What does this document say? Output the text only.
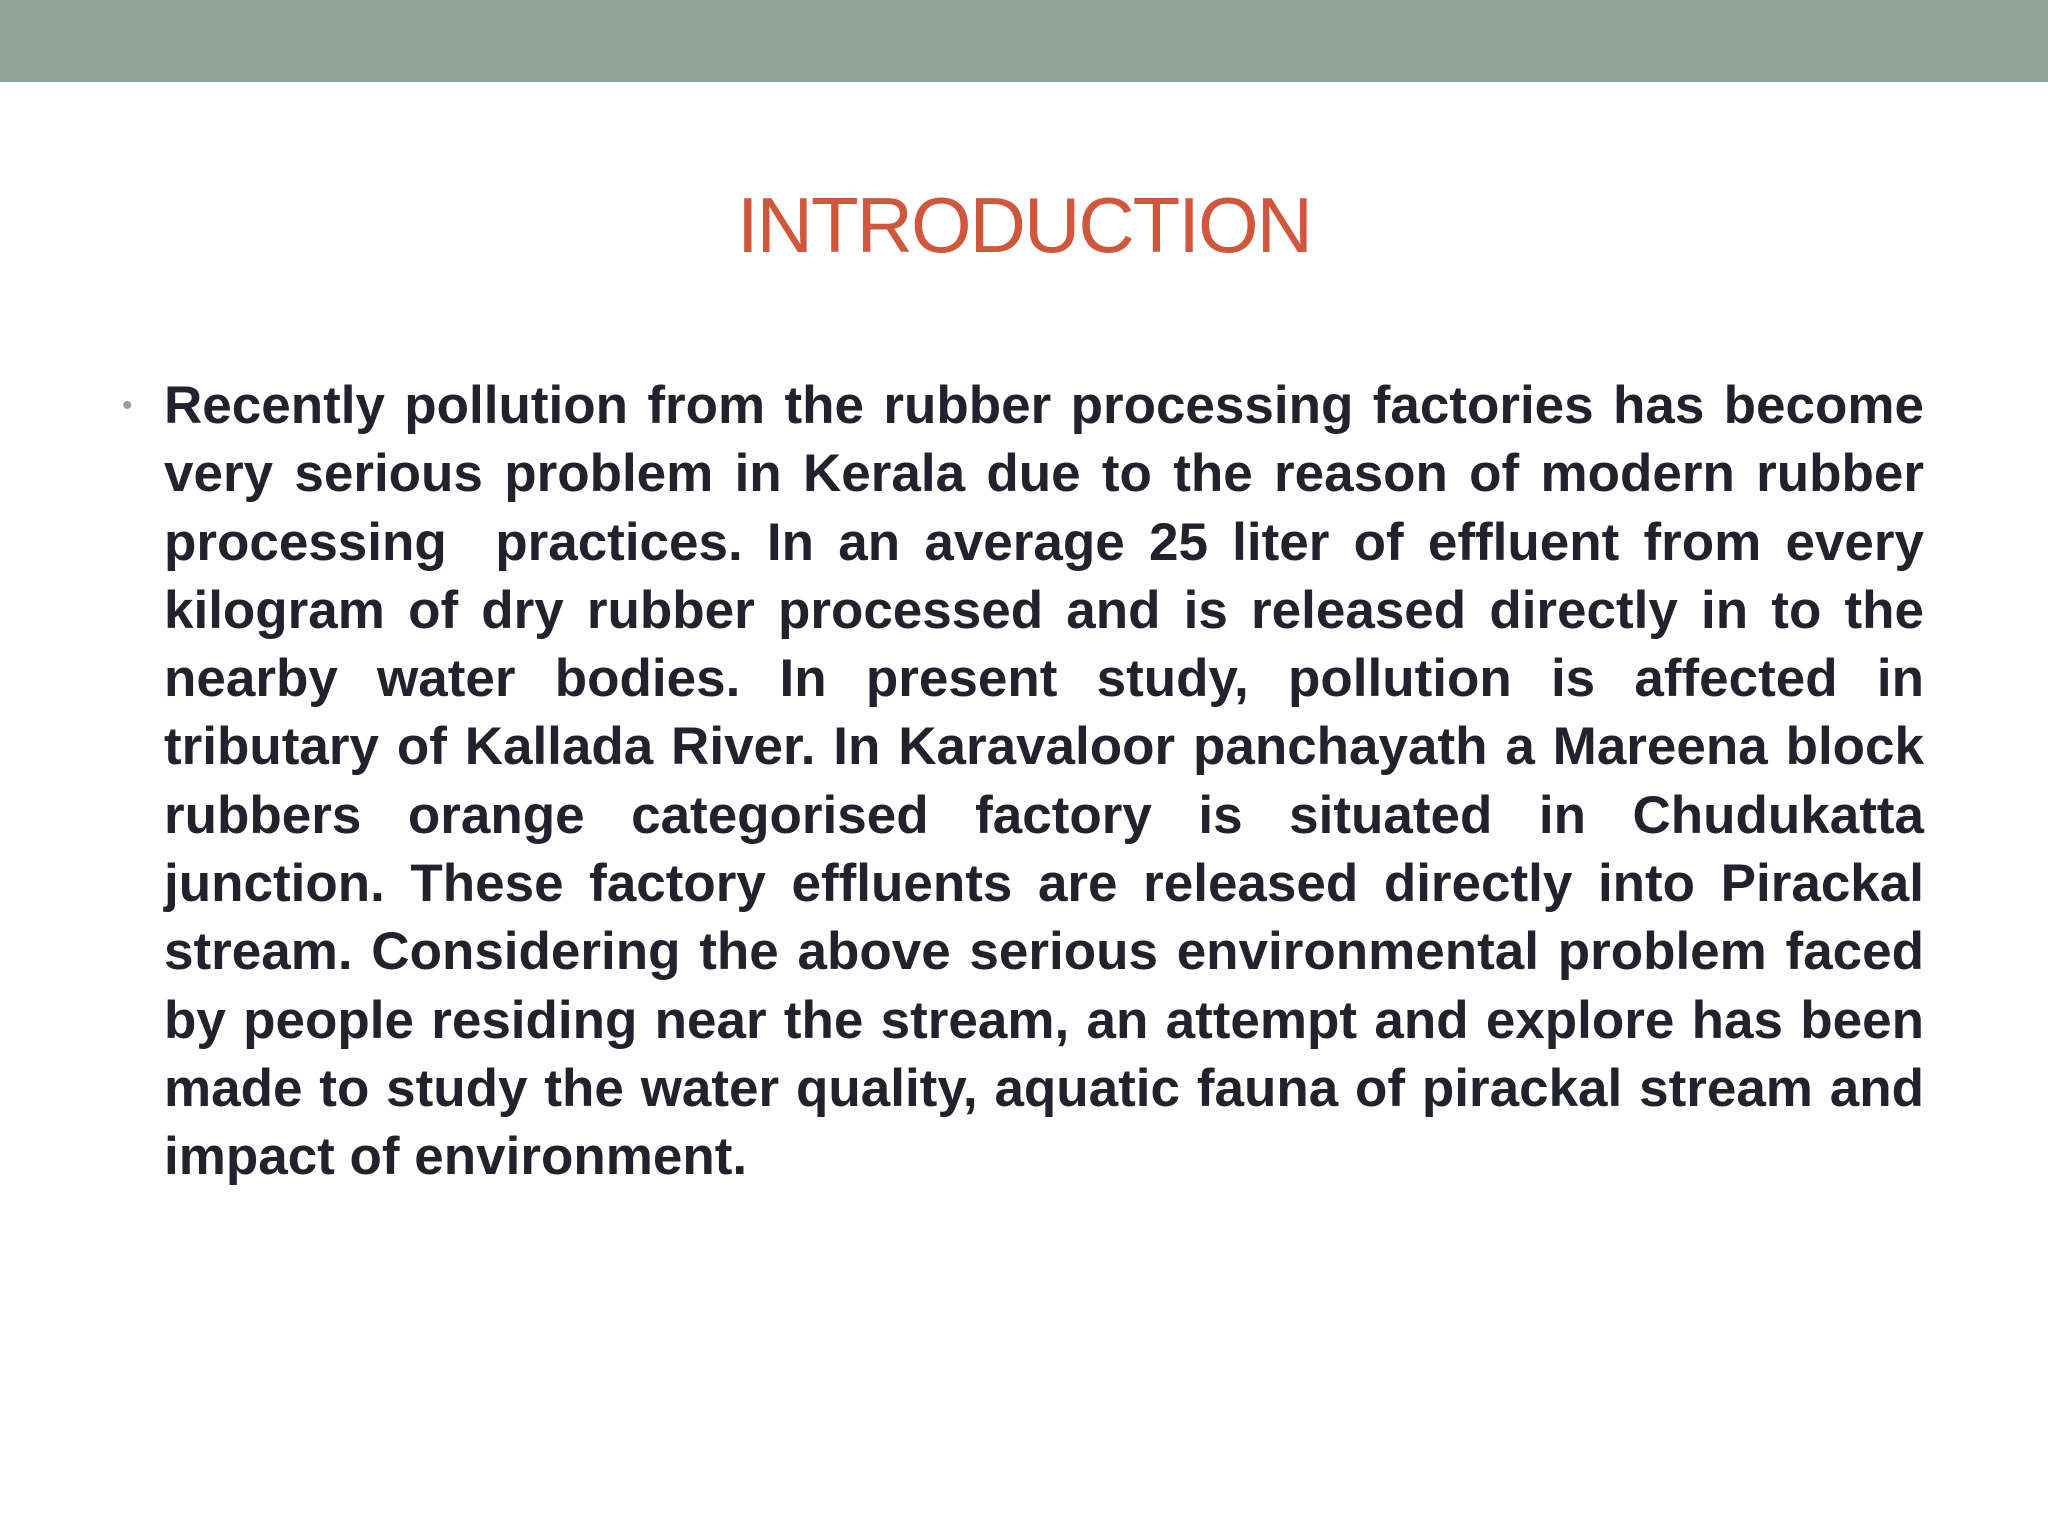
INTRODUCTION
• Recently pollution from the rubber processing factories has become very serious problem in Kerala due to the reason of modern rubber processing  practices. In an average 25 liter of effluent from every kilogram of dry rubber processed and is released directly in to the nearby water bodies. In present study, pollution is affected in tributary of Kallada River. In Karavaloor panchayath a Mareena block rubbers orange categorised factory is situated in Chudukatta junction. These factory effluents are released directly into Pirackal stream. Considering the above serious environmental problem faced by people residing near the stream, an attempt and explore has been made to study the water quality, aquatic fauna of pirackal stream and impact of environment.
